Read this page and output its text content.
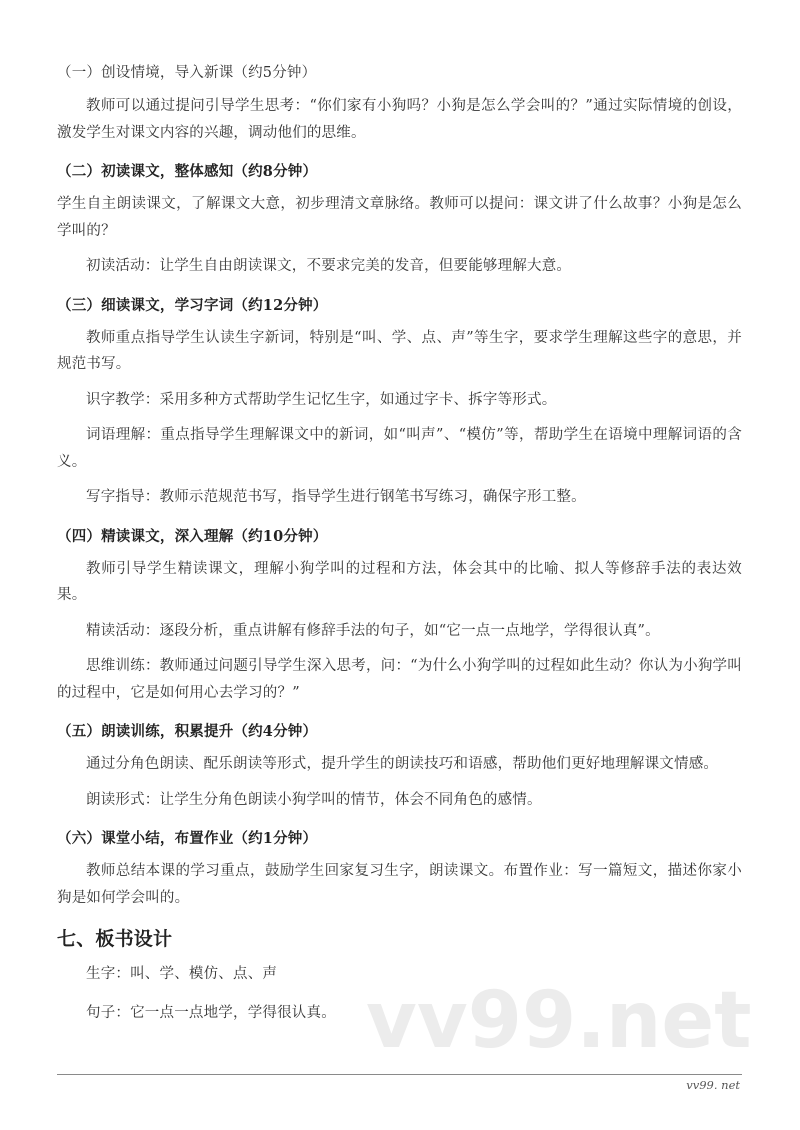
vv99.net
（一）创设情境，导入新课（约5分钟）

教师可以通过提问引导学生思考：“你们家有小狗吗？小狗是怎么学会叫的？”通过实际情境的创设，激发学生对课文内容的兴趣，调动他们的思维。

（二）初读课文，整体感知（约8分钟）

学生自主朗读课文，了解课文大意，初步理清文章脉络。教师可以提问：课文讲了什么故事？小狗是怎么学叫的？

初读活动：让学生自由朗读课文，不要求完美的发音，但要能够理解大意。

（三）细读课文，学习字词（约12分钟）

教师重点指导学生认读生字新词，特别是“叫、学、点、声”等生字，要求学生理解这些字的意思，并规范书写。

识字教学：采用多种方式帮助学生记忆生字，如通过字卡、拆字等形式。

词语理解：重点指导学生理解课文中的新词，如“叫声”、“模仿”等，帮助学生在语境中理解词语的含义。

写字指导：教师示范规范书写，指导学生进行钢笔书写练习，确保字形工整。

（四）精读课文，深入理解（约10分钟）

教师引导学生精读课文，理解小狗学叫的过程和方法，体会其中的比喻、拟人等修辞手法的表达效果。

精读活动：逐段分析，重点讲解有修辞手法的句子，如“它一点一点地学，学得很认真”。

思维训练：教师通过问题引导学生深入思考，问：“为什么小狗学叫的过程如此生动？你认为小狗学叫的过程中，它是如何用心去学习的？”

（五）朗读训练，积累提升（约4分钟）

通过分角色朗读、配乐朗读等形式，提升学生的朗读技巧和语感，帮助他们更好地理解课文情感。

朗读形式：让学生分角色朗读小狗学叫的情节，体会不同角色的感情。

（六）课堂小结，布置作业（约1分钟）

教师总结本课的学习重点，鼓励学生回家复习生字，朗读课文。布置作业：写一篇短文，描述你家小狗是如何学会叫的。

七、板书设计

生字：叫、学、模仿、点、声

句子：它一点一点地学，学得很认真。

vv99. net
